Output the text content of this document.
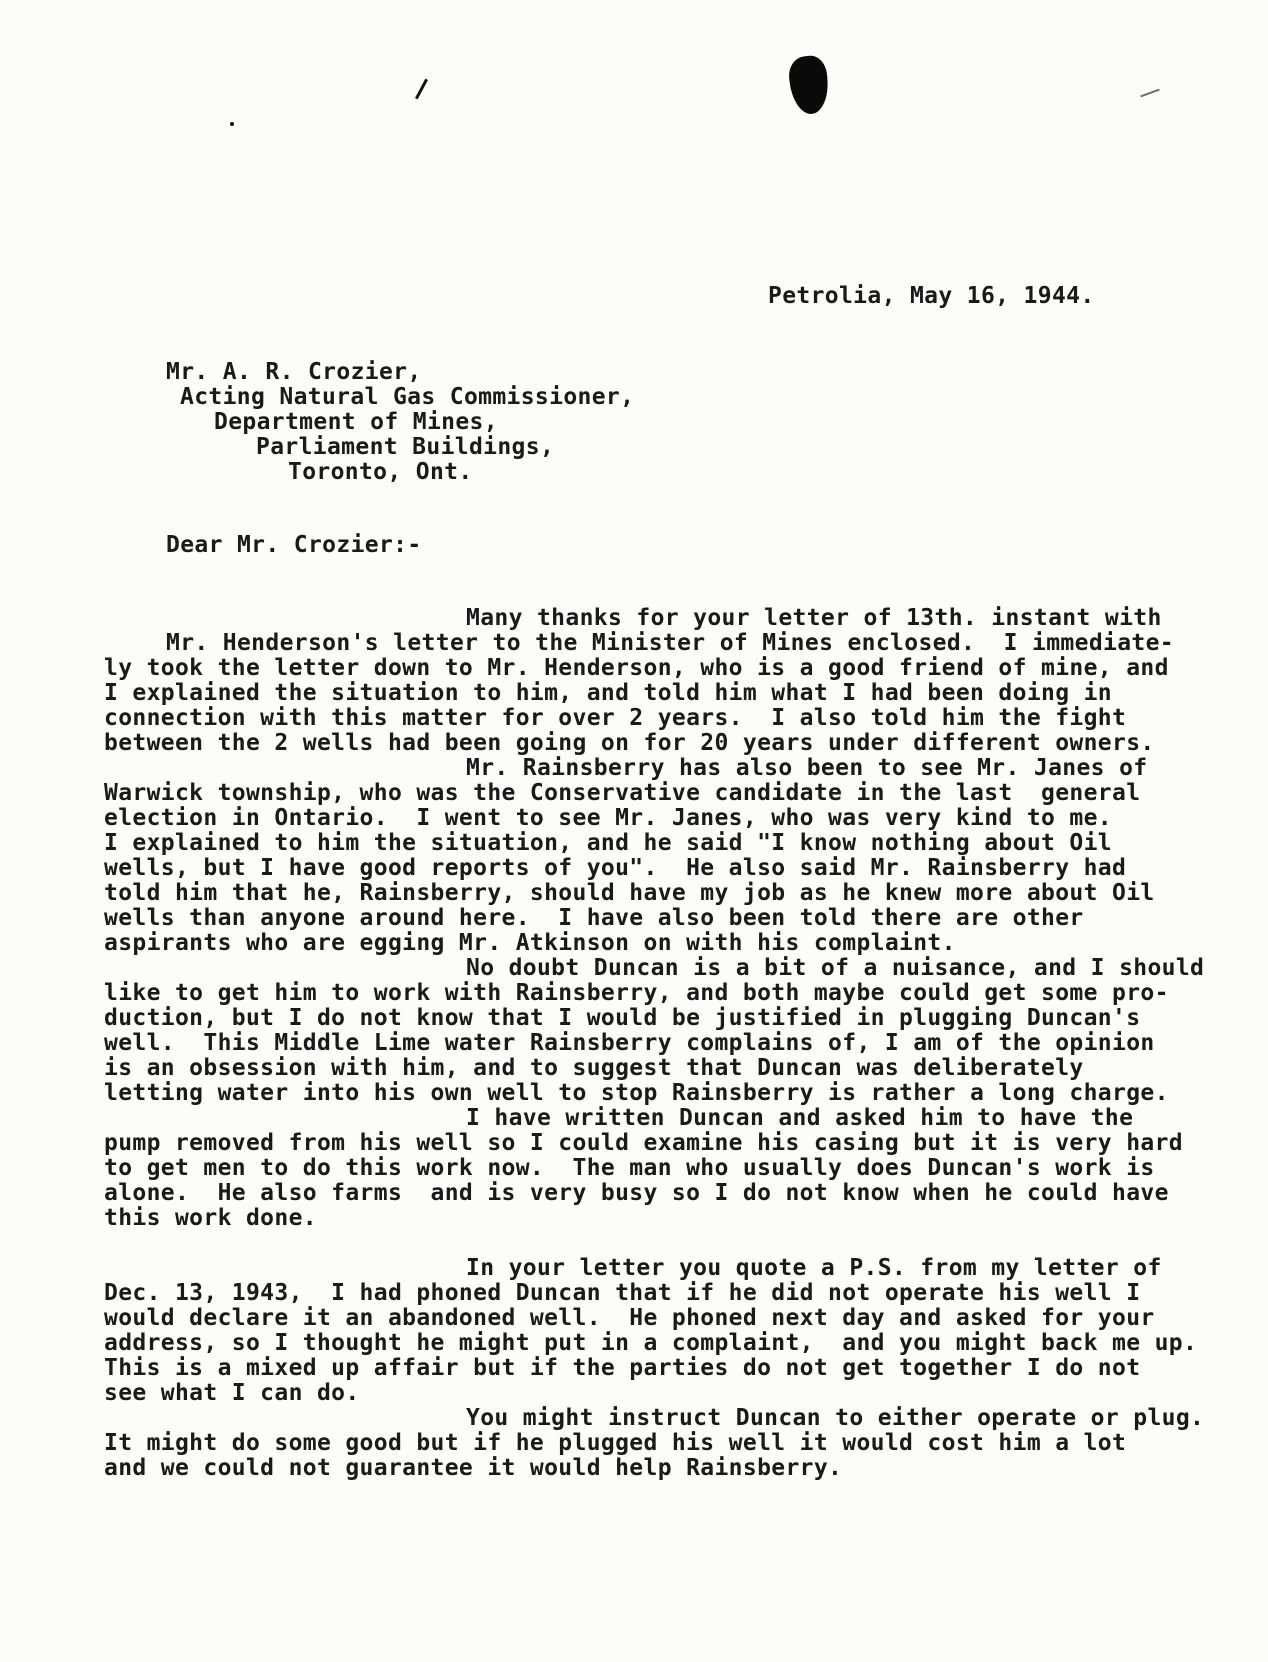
Petrolia, May 16, 1944.
Mr. A. R. Crozier,
Acting Natural Gas Commissioner,
Department of Mines,
Parliament Buildings,
Toronto, Ont.
Dear Mr. Crozier:-
Many thanks for your letter of 13th. instant with
Mr. Henderson's letter to the Minister of Mines enclosed.  I immediate-
ly took the letter down to Mr. Henderson, who is a good friend of mine, and
I explained the situation to him, and told him what I had been doing in
connection with this matter for over 2 years.  I also told him the fight
between the 2 wells had been going on for 20 years under different owners.
Mr. Rainsberry has also been to see Mr. Janes of
Warwick township, who was the Conservative candidate in the last  general
election in Ontario.  I went to see Mr. Janes, who was very kind to me.
I explained to him the situation, and he said "I know nothing about Oil
wells, but I have good reports of you".  He also said Mr. Rainsberry had
told him that he, Rainsberry, should have my job as he knew more about Oil
wells than anyone around here.  I have also been told there are other
aspirants who are egging Mr. Atkinson on with his complaint.
No doubt Duncan is a bit of a nuisance, and I should
like to get him to work with Rainsberry, and both maybe could get some pro-
duction, but I do not know that I would be justified in plugging Duncan's
well.  This Middle Lime water Rainsberry complains of, I am of the opinion
is an obsession with him, and to suggest that Duncan was deliberately
letting water into his own well to stop Rainsberry is rather a long charge.
I have written Duncan and asked him to have the
pump removed from his well so I could examine his casing but it is very hard
to get men to do this work now.  The man who usually does Duncan's work is
alone.  He also farms  and is very busy so I do not know when he could have
this work done.
In your letter you quote a P.S. from my letter of
Dec. 13, 1943,  I had phoned Duncan that if he did not operate his well I
would declare it an abandoned well.  He phoned next day and asked for your
address, so I thought he might put in a complaint,  and you might back me up.
This is a mixed up affair but if the parties do not get together I do not
see what I can do.
You might instruct Duncan to either operate or plug.
It might do some good but if he plugged his well it would cost him a lot
and we could not guarantee it would help Rainsberry.
